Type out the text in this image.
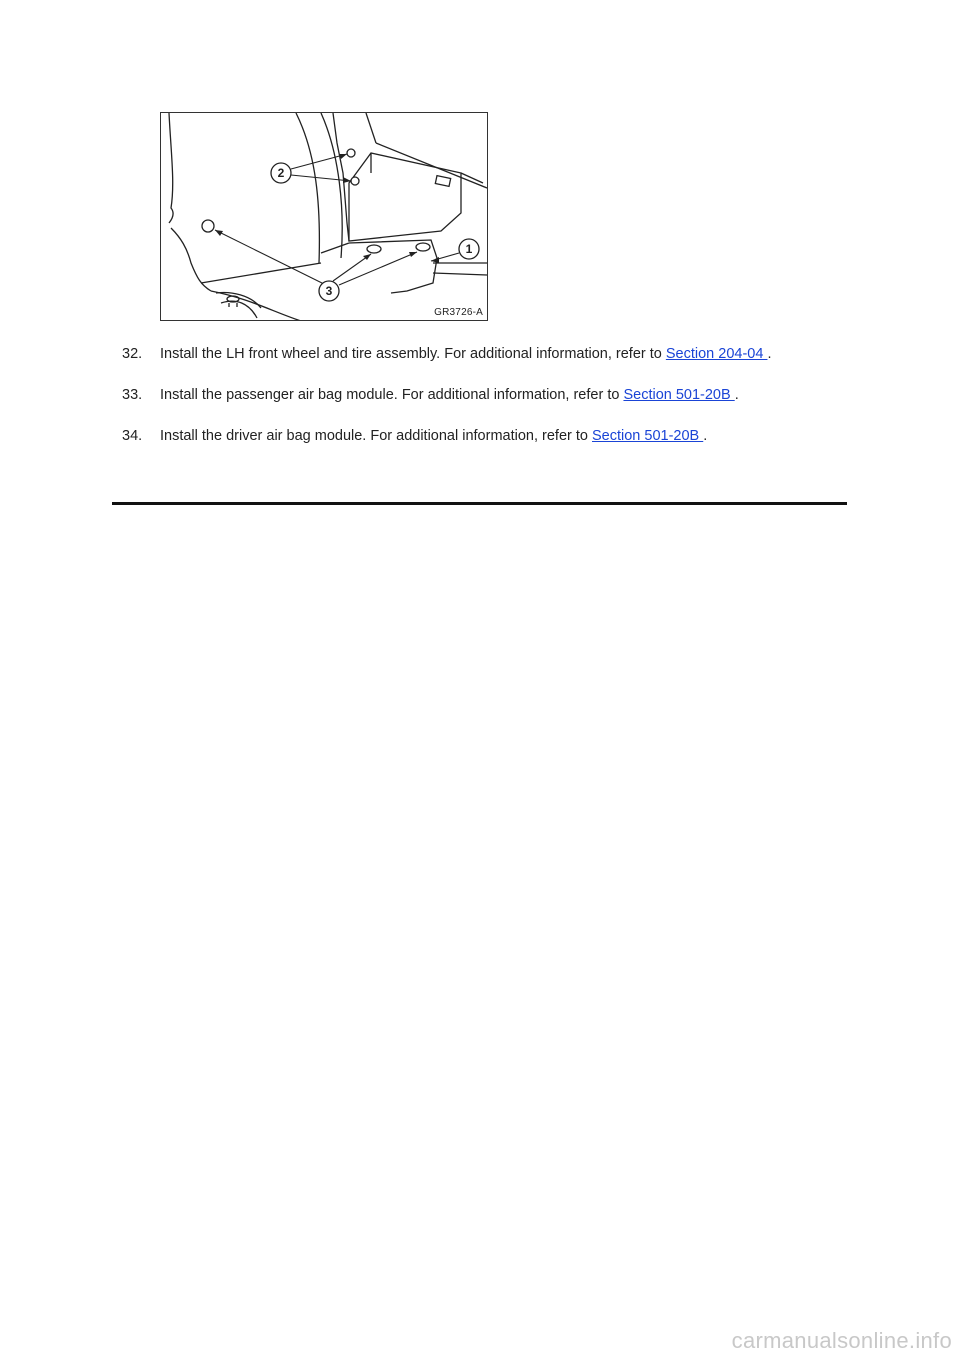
2
3
1
GR3726-A
32. Install the LH front wheel and tire assembly. For additional information, refer to Section 204-04 .
33. Install the passenger air bag module. For additional information, refer to Section 501-20B .
34. Install the driver air bag module. For additional information, refer to Section 501-20B .
carmanualsonline.info
